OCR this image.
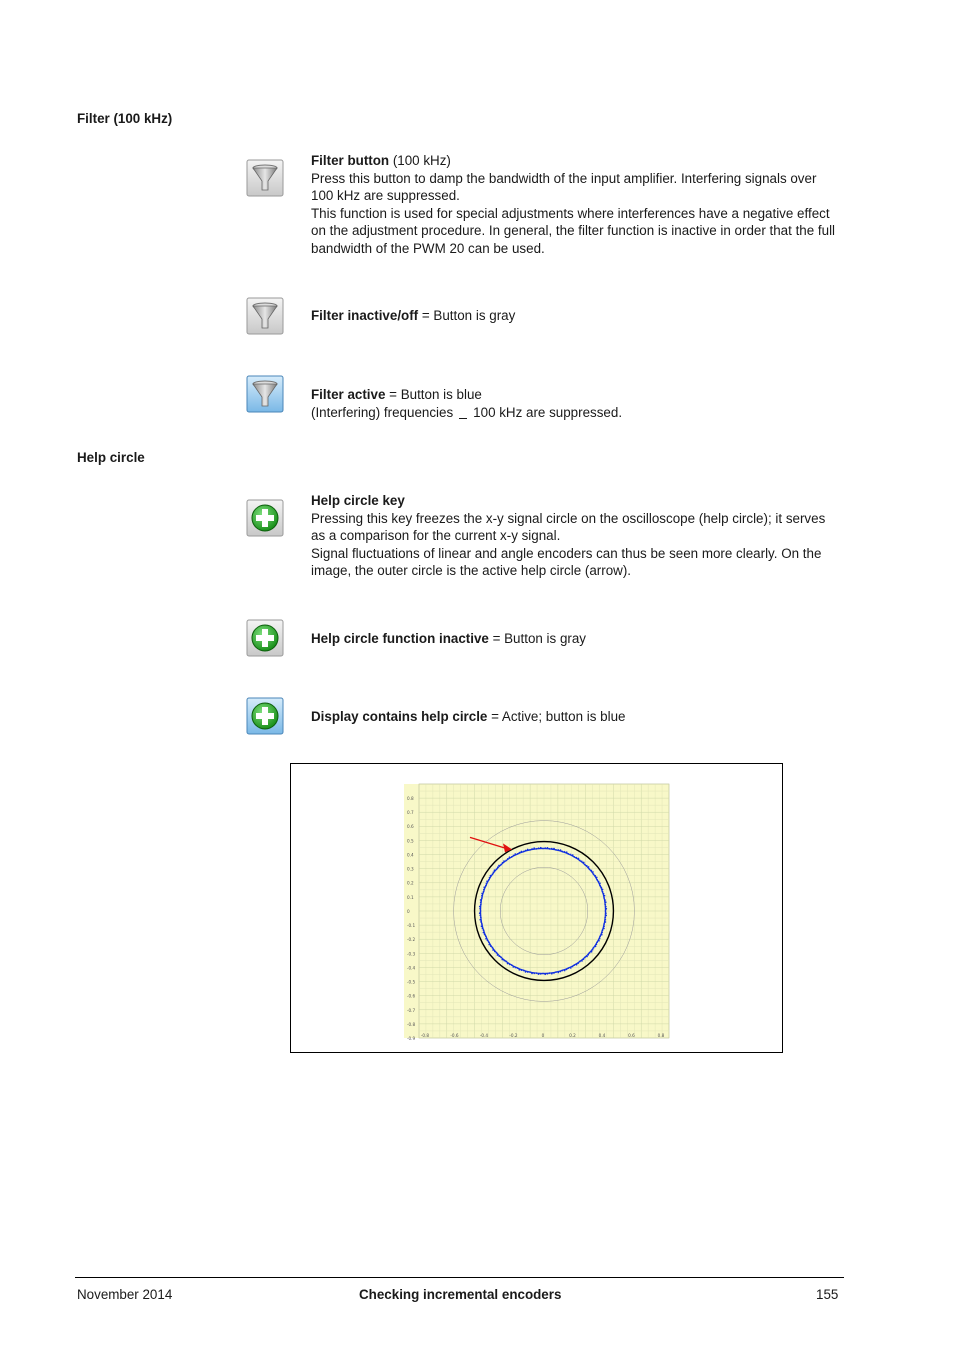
Filter (100 kHz)

Filter button (100 kHz)

Press this button to damp the bandwidth of the input amplifier. Interfering signals over 100 kHz are suppressed.

This function is used for special adjustments where interferences have a negative effect on the adjustment procedure. In general, the filter function is inactive in order that the full bandwidth of the PWM 20 can be used.

Filter inactive/off = Button is gray

Filter active = Button is blue

(Interfering) frequencies 100 kHz are suppressed.

Help circle

Help circle key

Pressing this key freezes the x-y signal circle on the oscilloscope (help circle); it serves as a comparison for the current x-y signal.

Signal fluctuations of linear and angle encoders can thus be seen more clearly. On the image, the outer circle is the active help circle (arrow).

Help circle function inactive = Button is gray

Display contains help circle = Active; button is blue

0.8
0.7
0.6
0.5
0.4
0.3
0.2
0.1
0
-0.1
-0.2
-0.3
-0.4
-0.5
-0.6
-0.7
-0.8
-0.9
-0.8	-0.6	-0.4	-0.2	0	0.2	0.4	0.6	0.8
November 2014	Checking incremental encoders	155
